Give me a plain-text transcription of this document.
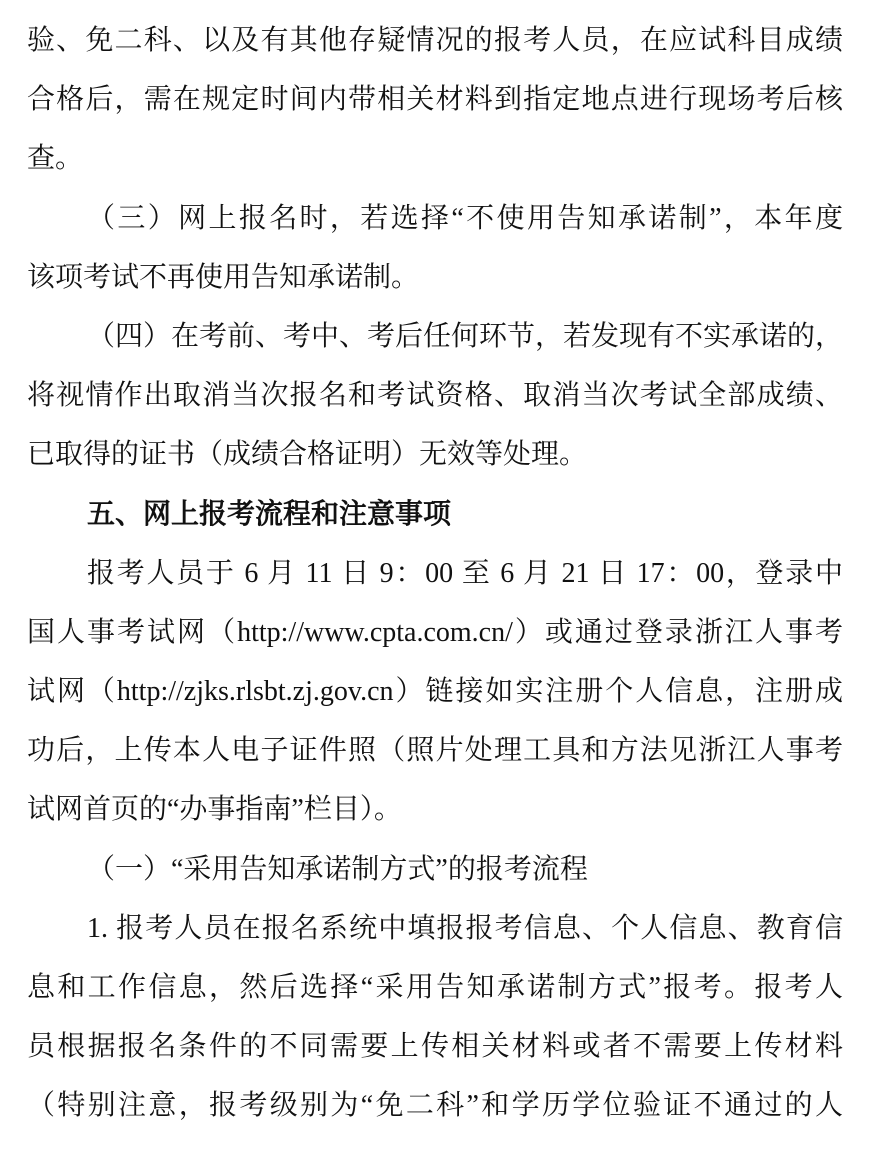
验、免二科、以及有其他存疑情况的报考人员，在应试科目成绩
合格后，需在规定时间内带相关材料到指定地点进行现场考后核
查。
（三）网上报名时，若选择“不使用告知承诺制”，本年度
该项考试不再使用告知承诺制。
（四）在考前、考中、考后任何环节，若发现有不实承诺的，
将视情作出取消当次报名和考试资格、取消当次考试全部成绩、
已取得的证书（成绩合格证明）无效等处理。
五、网上报考流程和注意事项
报考人员于 6 月 11 日 9：00 至 6 月 21 日 17：00，登录中
国人事考试网（http://www.cpta.com.cn/）或通过登录浙江人事考
试网（http://zjks.rlsbt.zj.gov.cn）链接如实注册个人信息，注册成
功后，上传本人电子证件照（照片处理工具和方法见浙江人事考
试网首页的“办事指南”栏目）。
（一）“采用告知承诺制方式”的报考流程
1. 报考人员在报名系统中填报报考信息、个人信息、教育信
息和工作信息，然后选择“采用告知承诺制方式”报考。报考人
员根据报名条件的不同需要上传相关材料或者不需要上传材料
（特别注意，报考级别为“免二科”和学历学位验证不通过的人
